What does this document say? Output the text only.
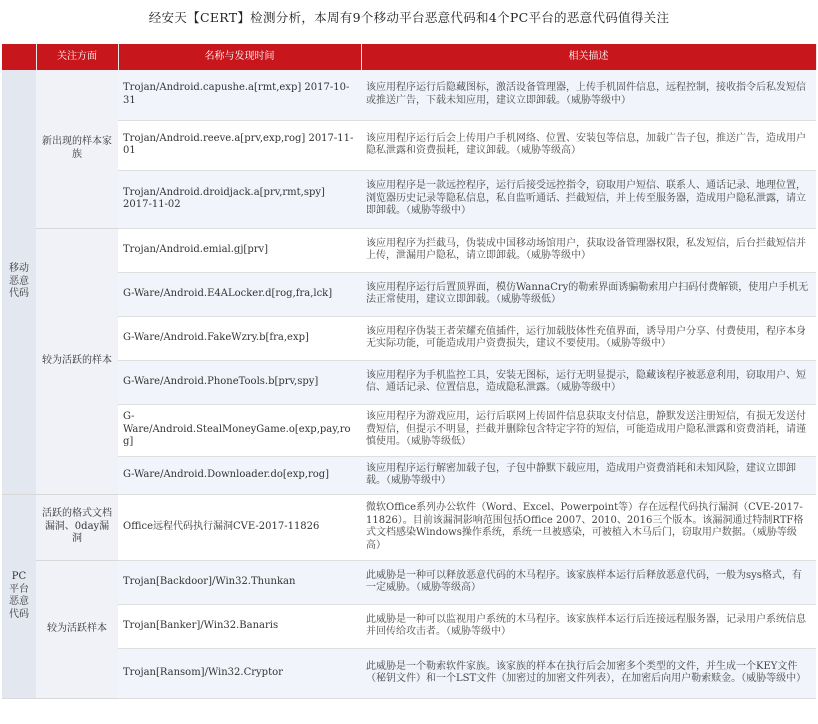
经安天【CERT】检测分析，本周有9个移动平台恶意代码和4个PC平台的恶意代码值得关注
	关注方面	名称与发现时间	相关描述
移动恶意代码	新出现的样本家族	Trojan/Android.capushe.a[rmt,exp] 2017-10-31	该应用程序运行后隐藏图标，激活设备管理器，上传手机固件信息，远程控制，接收指令后私发短信或推送广告，下载未知应用，建议立即卸载。（威胁等级中）
		Trojan/Android.reeve.a[prv,exp,rog] 2017-11-01	该应用程序运行后会上传用户手机网络、位置、安装包等信息，加载广告子包，推送广告，造成用户隐私泄露和资费损耗，建议卸载。（威胁等级高）
		Trojan/Android.droidjack.a[prv,rmt,spy] 2017-11-02	该应用程序是一款远控程序，运行后接受远控指令，窃取用户短信、联系人、通话记录、地理位置，浏览器历史记录等隐私信息，私自监听通话、拦截短信，并上传至服务器，造成用户隐私泄露，请立即卸载。（威胁等级中）
	较为活跃的样本	Trojan/Android.emial.gj[prv]	该应用程序为拦截马，伪装成中国移动场馆用户，获取设备管理器权限，私发短信，后台拦截短信并上传，泄漏用户隐私，请立即卸载。（威胁等级中）
		G-Ware/Android.E4ALocker.d[rog,fra,lck]	该应用程序运行后置顶界面，模仿WannaCry的勒索界面诱骗勒索用户扫码付费解锁，使用户手机无法正常使用，建议立即卸载。（威胁等级低）
		G-Ware/Android.FakeWzry.b[fra,exp]	该应用程序伪装王者荣耀充值插件，运行加载肢体性充值界面，诱导用户分享、付费使用，程序本身无实际功能，可能造成用户资费损失，建议不要使用。（威胁等级中）
		G-Ware/Android.PhoneTools.b[prv,spy]	该应用程序为手机监控工具，安装无图标，运行无明显提示，隐藏该程序被恶意利用，窃取用户、短信、通话记录、位置信息，造成隐私泄露。（威胁等级中）
		G-Ware/Android.StealMoneyGame.o[exp,pay,rog]	该应用程序为游戏应用，运行后联网上传固件信息获取支付信息，静默发送注册短信，有损无发送付费短信，但提示不明显，拦截并删除包含特定字符的短信，可能造成用户隐私泄露和资费消耗，请谨慎使用。（威胁等级低）
		G-Ware/Android.Downloader.do[exp,rog]	该应用程序运行解密加载子包，子包中静默下载应用，造成用户资费消耗和未知风险，建议立即卸载。（威胁等级中）
PC平台恶意代码	活跃的格式文档漏洞、0day漏洞	Office远程代码执行漏洞CVE-2017-11826	微软Office系列办公软件（Word、Excel、Powerpoint等）存在远程代码执行漏洞（CVE-2017-11826）。目前该漏洞影响范围包括Office 2007、2010、2016三个版本。该漏洞通过特制RTF格式文档感染Windows操作系统，系统一旦被感染，可被植入木马后门，窃取用户数据。（威胁等级高）
	较为活跃样本	Trojan[Backdoor]/Win32.Thunkan	此威胁是一种可以释放恶意代码的木马程序。该家族样本运行后释放恶意代码，一般为sys格式，有一定威胁。（威胁等级高）
		Trojan[Banker]/Win32.Banaris	此威胁是一种可以监视用户系统的木马程序。该家族样本运行后连接远程服务器，记录用户系统信息并回传给攻击者。（威胁等级中）
		Trojan[Ransom]/Win32.Cryptor	此威胁是一个勒索软件家族。该家族的样本在执行后会加密多个类型的文件，并生成一个KEY文件（秘钥文件）和一个LST文件（加密过的加密文件列表），在加密后向用户勒索赎金。（威胁等级中）
